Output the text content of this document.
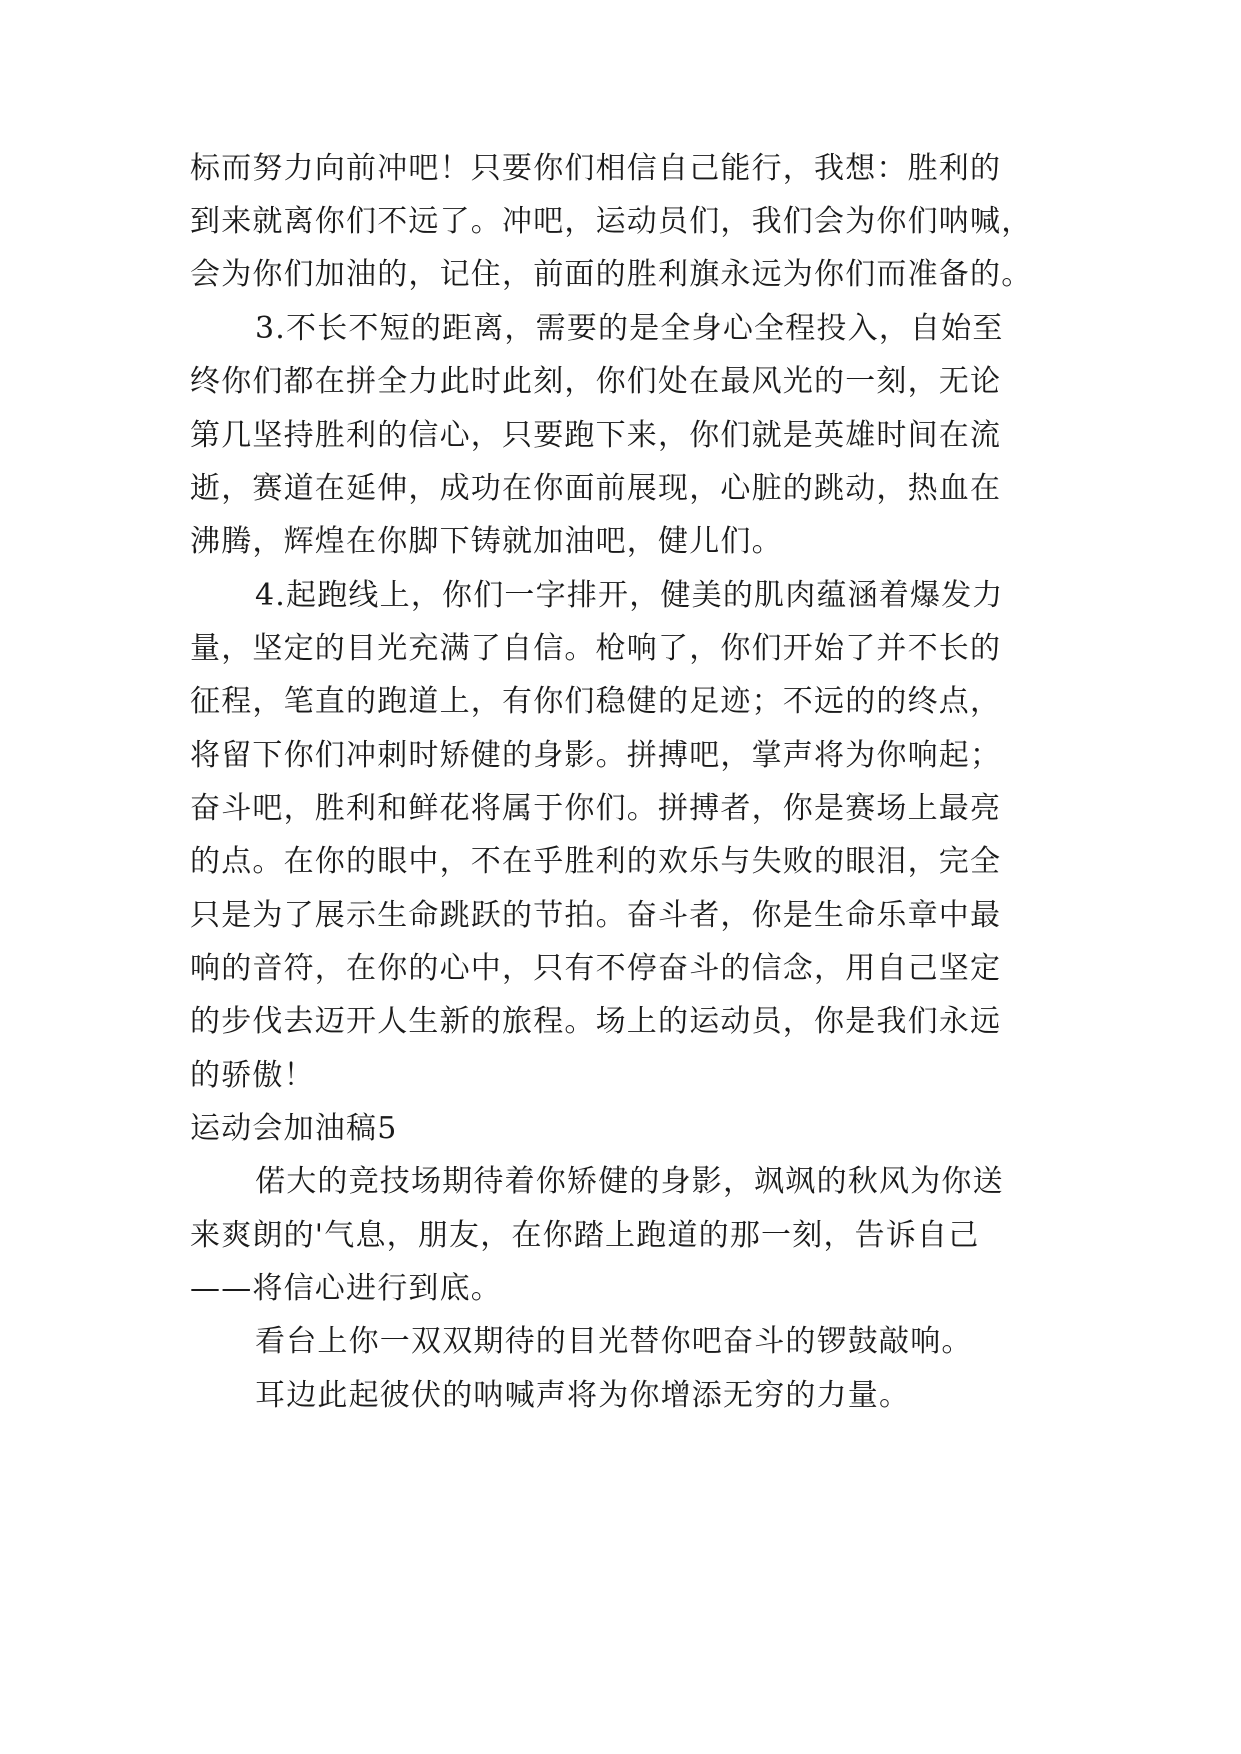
标而努力向前冲吧！只要你们相信自己能行，我想：胜利的
到来就离你们不远了。冲吧，运动员们，我们会为你们呐喊，
会为你们加油的，记住，前面的胜利旗永远为你们而准备的。
3.不长不短的距离，需要的是全身心全程投入，自始至
终你们都在拼全力此时此刻，你们处在最风光的一刻，无论
第几坚持胜利的信心，只要跑下来，你们就是英雄时间在流
逝，赛道在延伸，成功在你面前展现，心脏的跳动，热血在
沸腾，辉煌在你脚下铸就加油吧，健儿们。
4.起跑线上，你们一字排开，健美的肌肉蕴涵着爆发力
量，坚定的目光充满了自信。枪响了，你们开始了并不长的
征程，笔直的跑道上，有你们稳健的足迹；不远的的终点，
将留下你们冲刺时矫健的身影。拼搏吧，掌声将为你响起；
奋斗吧，胜利和鲜花将属于你们。拼搏者，你是赛场上最亮
的点。在你的眼中，不在乎胜利的欢乐与失败的眼泪，完全
只是为了展示生命跳跃的节拍。奋斗者，你是生命乐章中最
响的音符，在你的心中，只有不停奋斗的信念，用自己坚定
的步伐去迈开人生新的旅程。场上的运动员，你是我们永远
的骄傲！
运动会加油稿5
偌大的竞技场期待着你矫健的身影，飒飒的秋风为你送
来爽朗的'气息，朋友，在你踏上跑道的那一刻，告诉自己
——将信心进行到底。
看台上你一双双期待的目光替你吧奋斗的锣鼓敲响。
耳边此起彼伏的呐喊声将为你增添无穷的力量。
